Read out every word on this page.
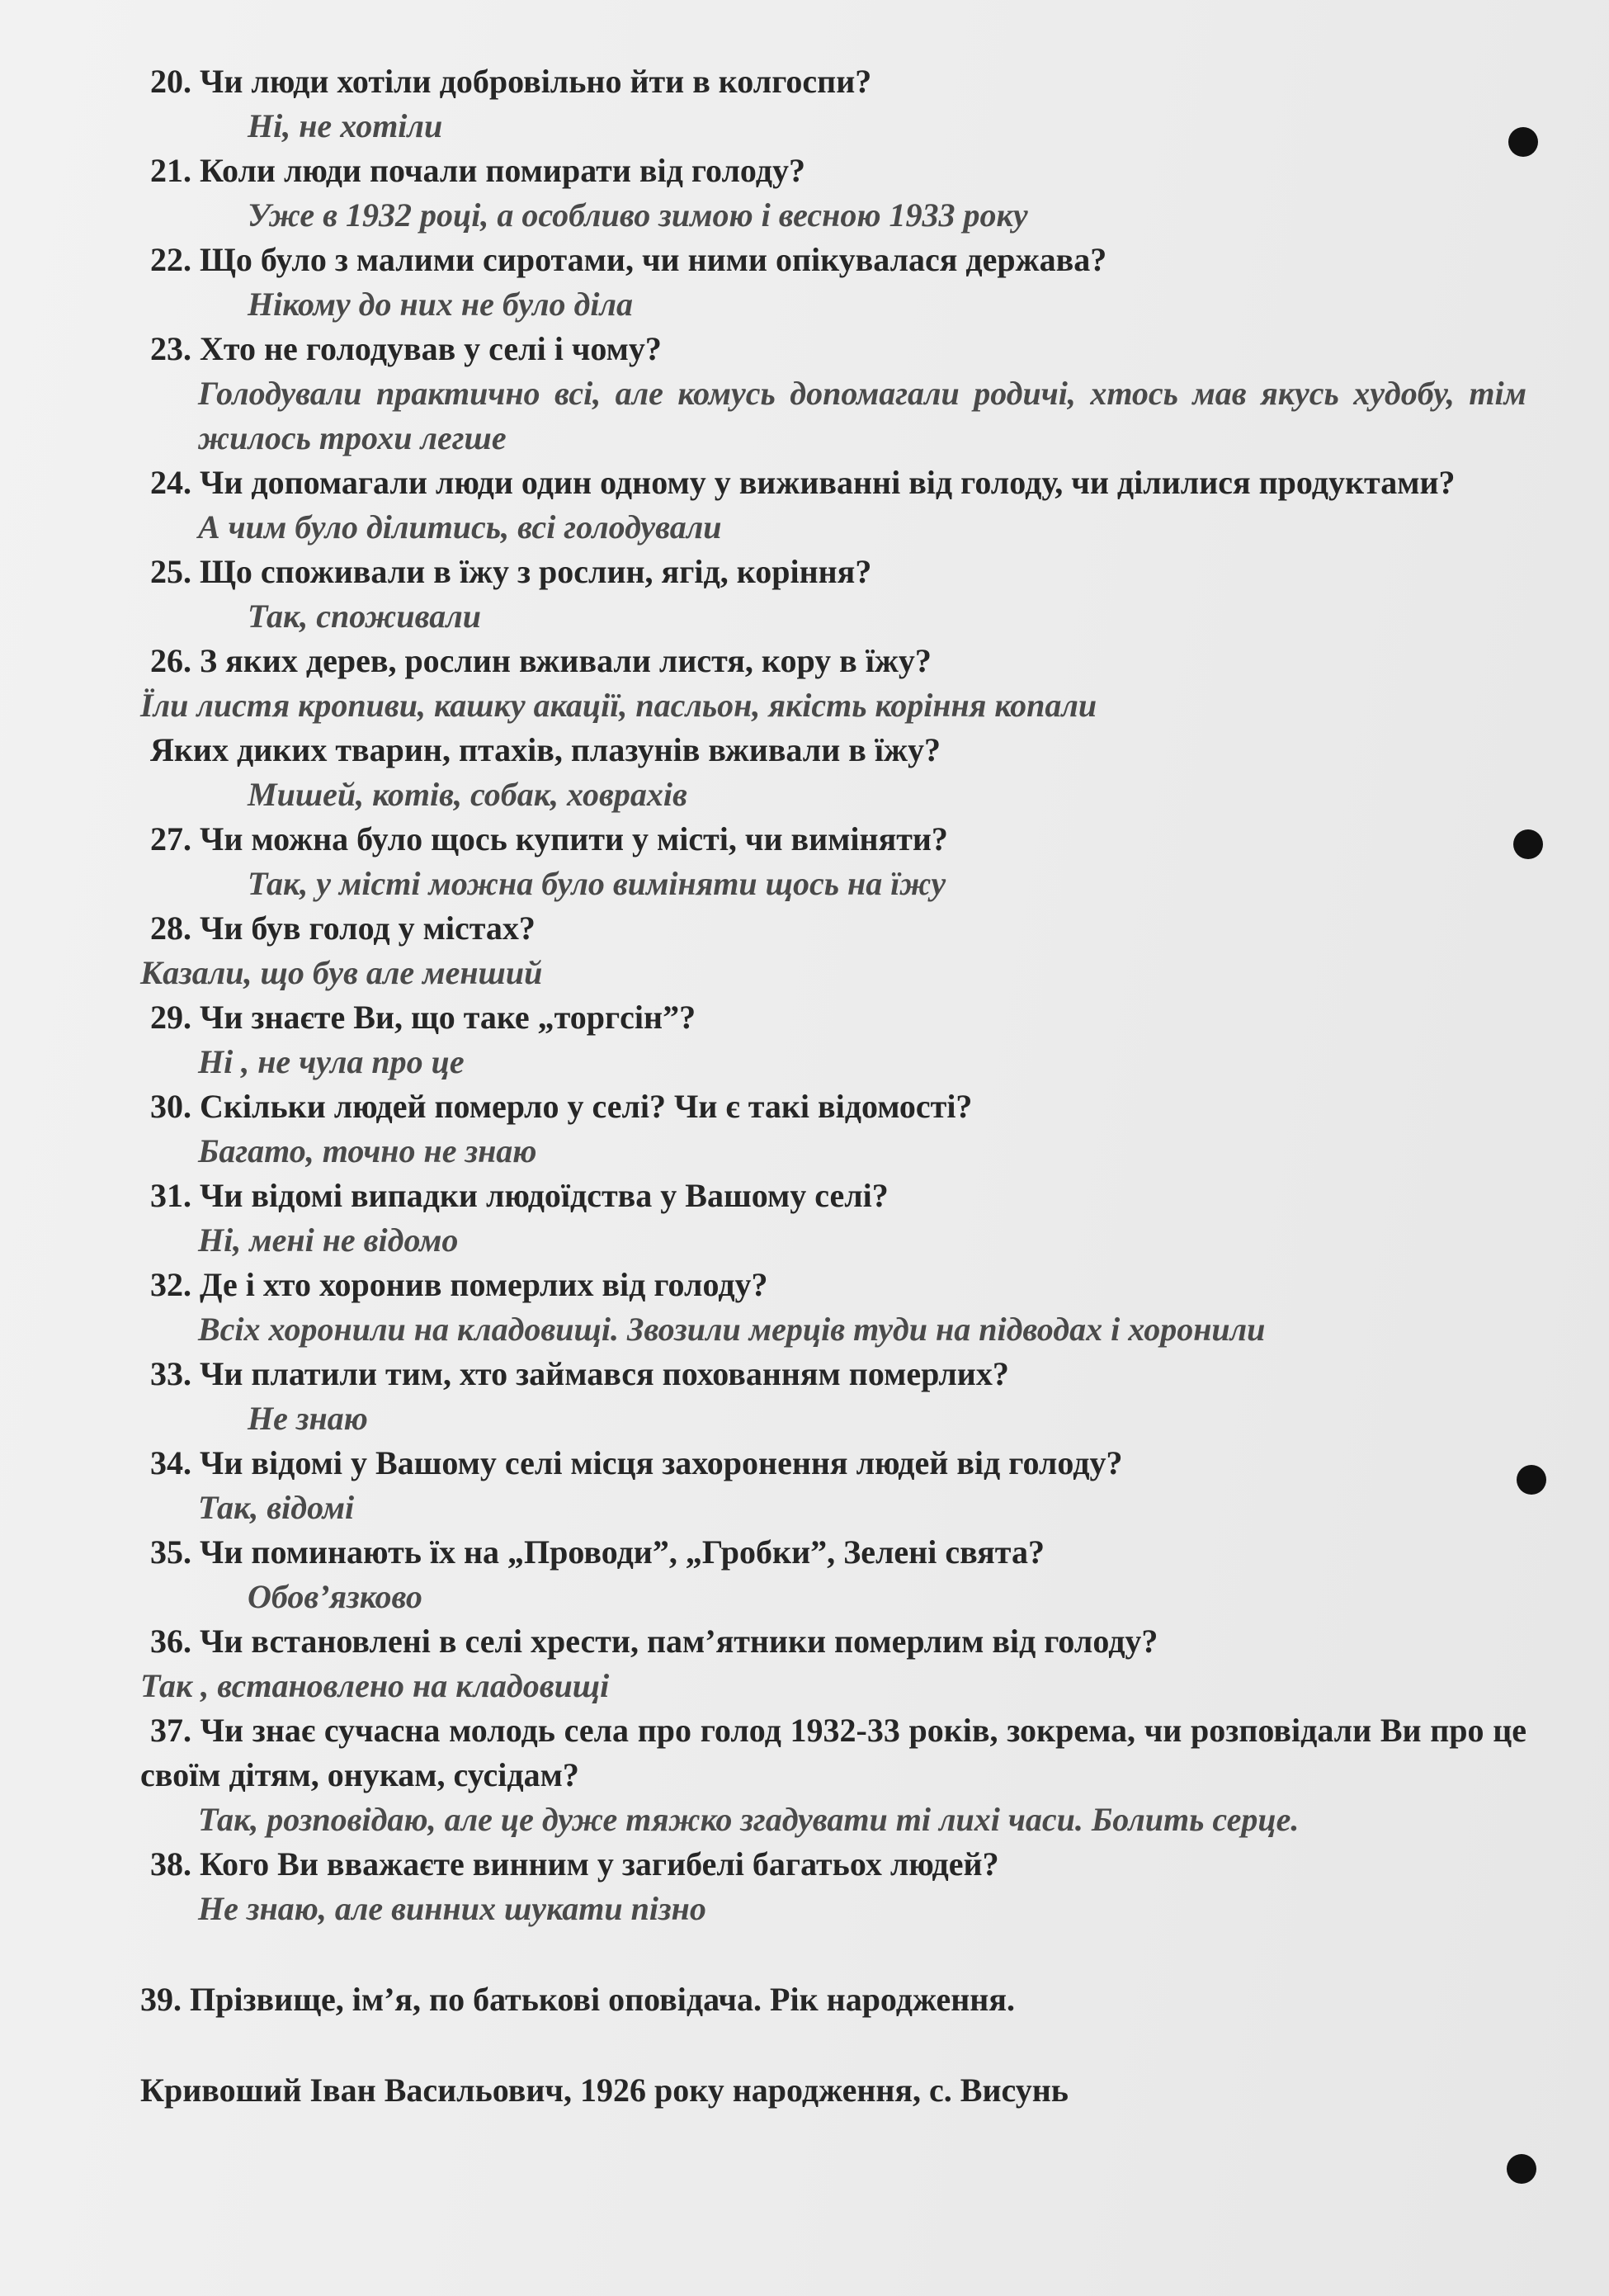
20. Чи люди хотіли добровільно йти в колгоспи?

Ні, не хотіли

21. Коли люди почали помирати від голоду?

Уже в 1932 році, а особливо зимою і весною 1933 року

22. Що було з малими сиротами, чи ними опікувалася держава?

Нікому до них не було діла

23. Хто не голодував у селі і чому?

Голодували практично всі, але комусь допомагали родичі, хтось мав якусь худобу, тім жилось трохи легше

24. Чи допомагали люди один одному у виживанні від голоду, чи ділилися продуктами?

А чим було ділитись, всі голодували

25. Що споживали в їжу з рослин, ягід, коріння?

Так, споживали

26. З яких дерев, рослин вживали листя, кору в їжу?

Їли листя кропиви, кашку акації, пасльон, якість коріння копали

Яких диких тварин, птахів, плазунів вживали в їжу?

Мишей, котів, собак, ховрахів

27. Чи можна було щось купити у місті, чи виміняти?

Так, у місті можна було виміняти щось на їжу

28. Чи був голод у містах?

Казали, що був але менший

29. Чи знаєте Ви, що таке „торгсін”?

Ні , не чула про це

30. Скільки людей померло у селі? Чи є такі відомості?

Багато, точно не знаю

31. Чи відомі випадки людоїдства у Вашому селі?

Ні, мені не відомо

32. Де і хто хоронив померлих від голоду?

Всіх хоронили на кладовищі. Звозили мерців туди на підводах і хоронили

33. Чи платили тим, хто займався похованням померлих?

Не знаю

34. Чи відомі у Вашому селі місця захоронення людей від голоду?

Так, відомі

35. Чи поминають їх на „Проводи”, „Гробки”, Зелені свята?

Обов’язково

36. Чи встановлені в селі хрести, пам’ятники померлим від голоду?

Так , встановлено на кладовищі

37. Чи знає сучасна молодь села про голод 1932-33 років, зокрема, чи розповідали Ви про це своїм дітям, онукам, сусідам?

Так, розповідаю, але це дуже тяжко згадувати ті лихі часи. Болить серце.

38. Кого Ви вважаєте винним у загибелі багатьох людей?

Не знаю, але винних шукати пізно

39. Прізвище, ім’я, по батькові оповідача. Рік народження.

Кривоший Іван Васильович, 1926 року народження, с. Висунь
